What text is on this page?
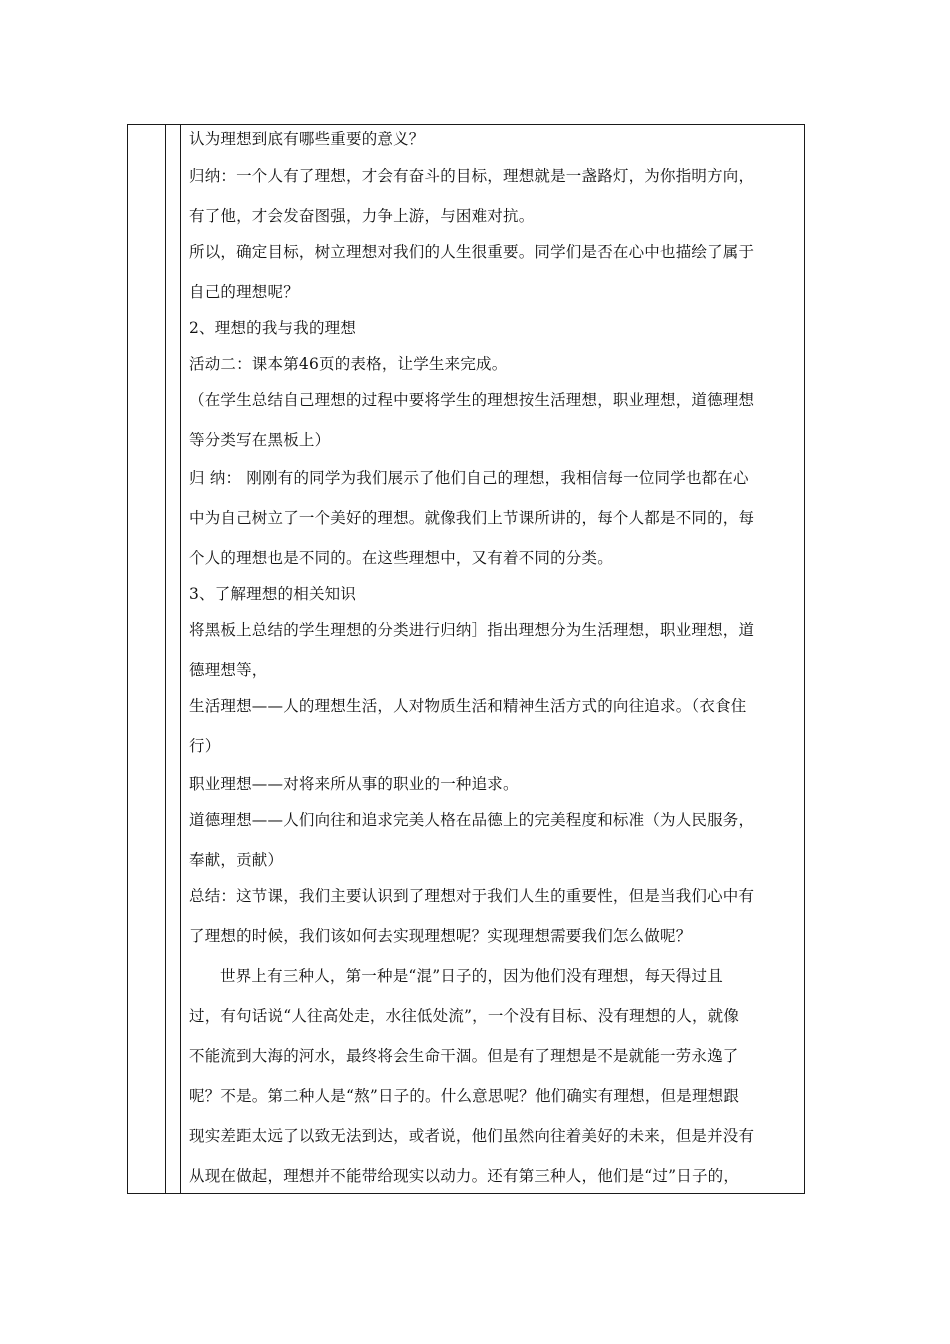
认为理想到底有哪些重要的意义？
归纳：一个人有了理想，才会有奋斗的目标，理想就是一盏路灯，为你指明方向，
有了他，才会发奋图强，力争上游，与困难对抗。
所以，确定目标，树立理想对我们的人生很重要。同学们是否在心中也描绘了属于
自己的理想呢？
2、理想的我与我的理想
活动二：课本第46页的表格，让学生来完成。
（在学生总结自己理想的过程中要将学生的理想按生活理想，职业理想，道德理想
等分类写在黑板上）
归 纳： 刚刚有的同学为我们展示了他们自己的理想，我相信每一位同学也都在心
中为自己树立了一个美好的理想。就像我们上节课所讲的，每个人都是不同的，每
个人的理想也是不同的。在这些理想中，又有着不同的分类。
3、了解理想的相关知识
将黑板上总结的学生理想的分类进行归纳］指出理想分为生活理想，职业理想，道
德理想等，
生活理想——人的理想生活，人对物质生活和精神生活方式的向往追求。（衣食住
行）
职业理想——对将来所从事的职业的一种追求。
道德理想——人们向往和追求完美人格在品德上的完美程度和标准（为人民服务，
奉献，贡献）
总结：这节课，我们主要认识到了理想对于我们人生的重要性，但是当我们心中有
了理想的时候，我们该如何去实现理想呢？实现理想需要我们怎么做呢？
世界上有三种人，第一种是“混”日子的，因为他们没有理想，每天得过且
过，有句话说“人往高处走，水往低处流”，一个没有目标、没有理想的人，就像
不能流到大海的河水，最终将会生命干涸。但是有了理想是不是就能一劳永逸了
呢？不是。第二种人是“熬”日子的。什么意思呢？他们确实有理想，但是理想跟
现实差距太远了以致无法到达，或者说，他们虽然向往着美好的未来，但是并没有
从现在做起，理想并不能带给现实以动力。还有第三种人，他们是“过”日子的，
